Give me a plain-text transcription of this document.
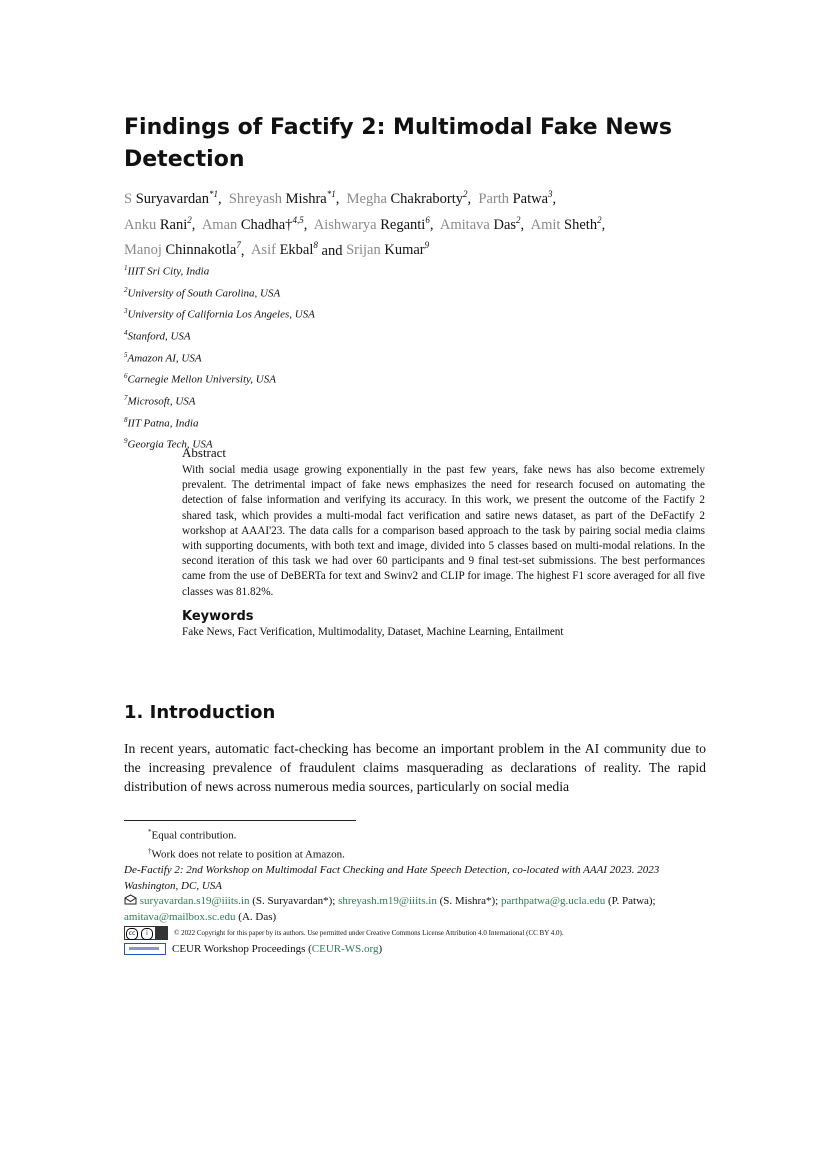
Findings of Factify 2: Multimodal Fake News Detection
S Suryavardan$^{*1}$,  Shreyash Mishra$^{*1}$,  Megha Chakraborty$^2$,  Parth Patwa$^3$,
Anku Rani$^2$,  Aman Chadha†$^{4,5}$,  Aishwarya Reganti$^6$,  Amitava Das$^2$,  Amit Sheth$^2$,
Manoj Chinnakotla$^7$,  Asif Ekbal$^8$ and Srijan Kumar$^9$
$^1$IIIT Sri City, India
$^2$University of South Carolina, USA
$^3$University of California Los Angeles, USA
$^4$Stanford, USA
$^5$Amazon AI, USA
$^6$Carnegie Mellon University, USA
$^7$Microsoft, USA
$^8$IIT Patna, India
$^9$Georgia Tech, USA
Abstract

With social media usage growing exponentially in the past few years, fake news has also become extremely prevalent. The detrimental impact of fake news emphasizes the need for research focused on automating the detection of false information and verifying its accuracy. In this work, we present the outcome of the Factify 2 shared task, which provides a multi-modal fact verification and satire news dataset, as part of the DeFactify 2 workshop at AAAI'23. The data calls for a comparison based approach to the task by pairing social media claims with supporting documents, with both text and image, divided into 5 classes based on multi-modal relations. In the second iteration of this task we had over 60 participants and 9 final test-set submissions. The best performances came from the use of DeBERTa for text and Swinv2 and CLIP for image. The highest F1 score averaged for all five classes was 81.82%.

Keywords
Fake News, Fact Verification, Multimodality, Dataset, Machine Learning, Entailment
1. Introduction

In recent years, automatic fact-checking has become an important problem in the AI community due to the increasing prevalence of fraudulent claims masquerading as declarations of reality. The rapid distribution of news across numerous media sources, particularly on social media

*Equal contribution.
†Work does not relate to position at Amazon.
De-Factify 2: 2nd Workshop on Multimodal Fact Checking and Hate Speech Detection, co-located with AAAI 2023. 2023 Washington, DC, USA
suryavardan.s19@iiits.in (S. Suryavardan*); shreyash.m19@iiits.in (S. Mishra*); parthpatwa@g.ucla.edu (P. Patwa); amitava@mailbox.sc.edu (A. Das)
cc	i	© 2022 Copyright for this paper by its authors. Use permitted under Creative Commons License Attribution 4.0 International (CC BY 4.0).
CEUR Workshop Proceedings (CEUR-WS.org)
